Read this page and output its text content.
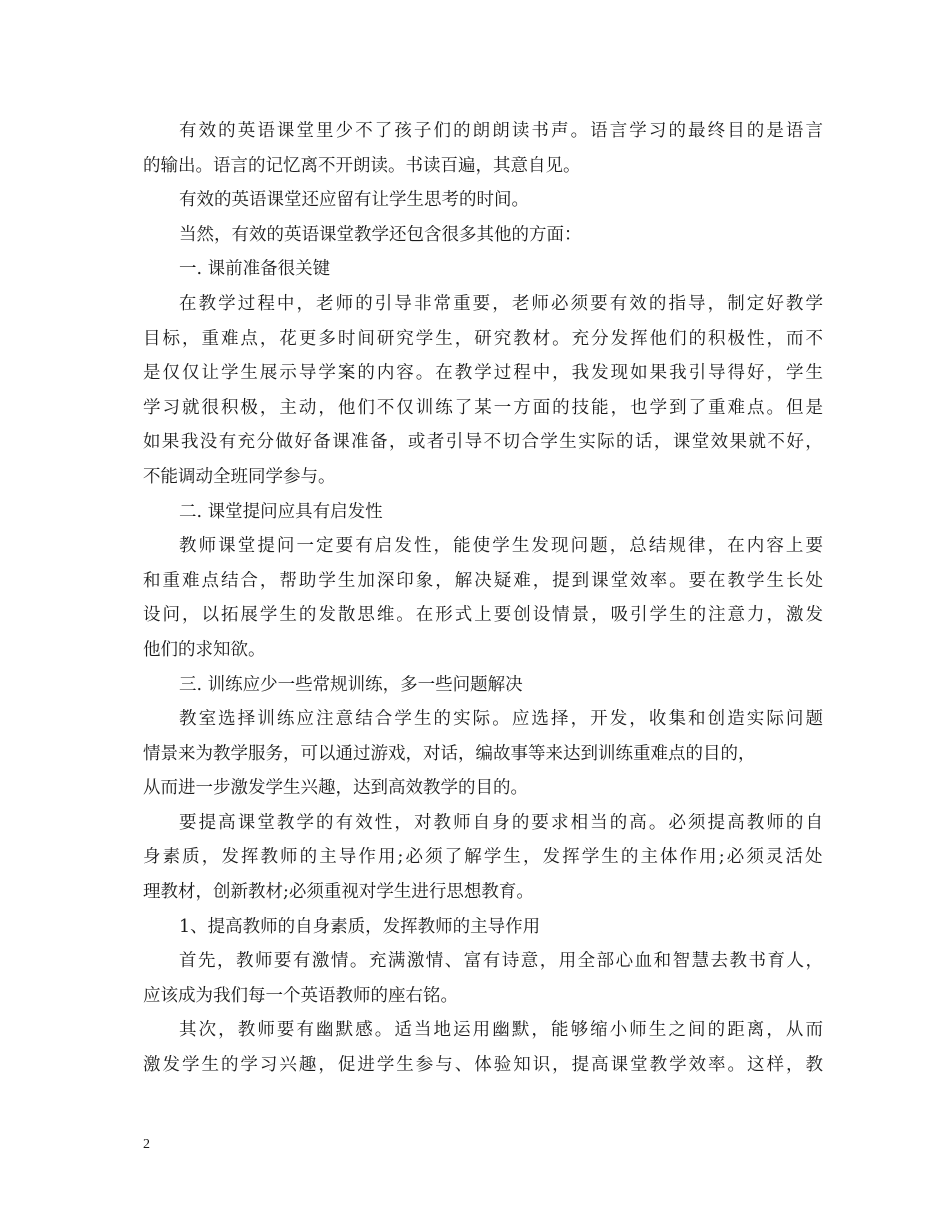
有 效 的 英 语 课 堂 里 少 不 了 孩 子 们 的 朗 朗 读 书 声 。 语 言 学 习 的 最 终 目 的 是 语 言
的输出。语言的记忆离不开朗读。书读百遍，其意自见。
有效的英语课堂还应留有让学生思考的时间。
当然，有效的英语课堂教学还包含很多其他的方面：
一. 课前准备很关键
在 教 学 过 程 中 ， 老 师 的 引 导 非 常 重 要 ， 老 师 必 须 要 有 效 的 指 导 ， 制 定 好 教 学
目 标 ， 重 难 点 ， 花 更 多 时 间 研 究 学 生 ， 研 究 教 材 。 充 分 发 挥 他 们 的 积 极 性 ， 而 不
是 仅 仅 让 学 生 展 示 导 学 案 的 内 容 。 在 教 学 过 程 中 ， 我 发 现 如 果 我 引 导 得 好 ， 学 生
学 习 就 很 积 极 ， 主 动 ， 他 们 不 仅 训 练 了 某 一 方 面 的 技 能 ， 也 学 到 了 重 难 点 。 但 是
如 果 我 没 有 充 分 做 好 备 课 准 备 ， 或 者 引 导 不 切 合 学 生 实 际 的 话 ， 课 堂 效 果 就 不 好 ，
不能调动全班同学参与。
二. 课堂提问应具有启发性
教 师 课 堂 提 问 一 定 要 有 启 发 性 ， 能 使 学 生 发 现 问 题 ， 总 结 规 律 ， 在 内 容 上 要
和 重 难 点 结 合 ， 帮 助 学 生 加 深 印 象 ， 解 决 疑 难 ， 提 到 课 堂 效 率 。 要 在 教 学 生 长 处
设 问 ， 以 拓 展 学 生 的 发 散 思 维 。 在 形 式 上 要 创 设 情 景 ， 吸 引 学 生 的 注 意 力 ， 激 发
他们的求知欲。
三. 训练应少一些常规训练，多一些问题解决
教 室 选 择 训 练 应 注 意 结 合 学 生 的 实 际 。 应 选 择 ， 开 发 ， 收 集 和 创 造 实 际 问 题
情景来为教学服务，可以通过游戏，对话，编故事等来达到训练重难点的目的，
从而进一步激发学生兴趣，达到高效教学的目的。
要 提 高 课 堂 教 学 的 有 效 性 ， 对 教 师 自 身 的 要 求 相 当 的 高 。 必 须 提 高 教 师 的 自
身 素 质 ， 发 挥 教 师 的 主 导 作 用 ; 必 须 了 解 学 生 ， 发 挥 学 生 的 主 体 作 用 ; 必 须 灵 活 处
理教材，创新教材;必须重视对学生进行思想教育。
1、提高教师的自身素质，发挥教师的主导作用
首 先 ， 教 师 要 有 激 情 。 充 满 激 情 、 富 有 诗 意 ， 用 全 部 心 血 和 智 慧 去 教 书 育 人 ，
应该成为我们每一个英语教师的座右铭。
其 次 ， 教 师 要 有 幽 默 感 。 适 当 地 运 用 幽 默 ， 能 够 缩 小 师 生 之 间 的 距 离 ， 从 而
激 发 学 生 的 学 习 兴 趣 ， 促 进 学 生 参 与 、 体 验 知 识 ， 提 高 课 堂 教 学 效 率 。 这 样 ， 教
2
